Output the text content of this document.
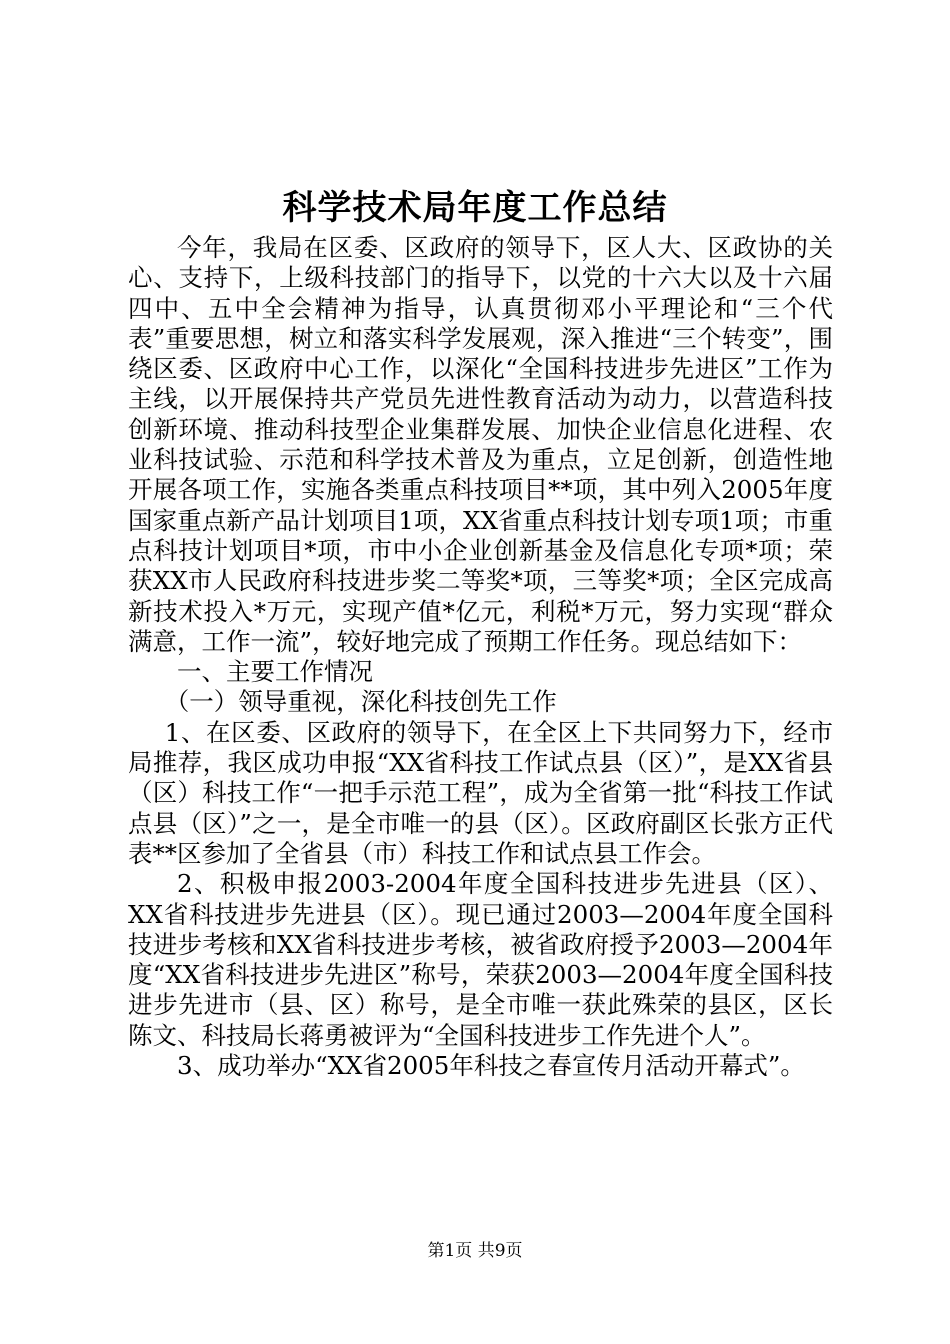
科学技术局年度工作总结

今年，我局在区委、区政府的领导下，区人大、区政协的关心、支持下，上级科技部门的指导下，以党的十六大以及十六届四中、五中全会精神为指导，认真贯彻邓小平理论和“三个代表”重要思想，树立和落实科学发展观，深入推进“三个转变”，围绕区委、区政府中心工作，以深化“全国科技进步先进区”工作为主线，以开展保持共产党员先进性教育活动为动力，以营造科技创新环境、推动科技型企业集群发展、加快企业信息化进程、农业科技试验、示范和科学技术普及为重点，立足创新，创造性地开展各项工作，实施各类重点科技项目**项，其中列入2005年度国家重点新产品计划项目1项，XX省重点科技计划专项1项；市重点科技计划项目*项，市中小企业创新基金及信息化专项*项；荣获XX市人民政府科技进步奖二等奖*项，三等奖*项；全区完成高新技术投入*万元，实现产值*亿元，利税*万元，努力实现“群众满意，工作一流”，较好地完成了预期工作任务。现总结如下：

一、主要工作情况

（一）领导重视，深化科技创先工作

1、在区委、区政府的领导下，在全区上下共同努力下，经市局推荐，我区成功申报“XX省科技工作试点县（区）”，是XX省县（区）科技工作“一把手示范工程”，成为全省第一批“科技工作试点县（区）”之一，是全市唯一的县（区）。区政府副区长张方正代表**区参加了全省县（市）科技工作和试点县工作会。

2、积极申报2003-2004年度全国科技进步先进县（区）、XX省科技进步先进县（区）。现已通过2003—2004年度全国科技进步考核和XX省科技进步考核，被省政府授予2003—2004年度“XX省科技进步先进区”称号，荣获2003—2004年度全国科技进步先进市（县、区）称号，是全市唯一获此殊荣的县区，区长陈文、科技局长蒋勇被评为“全国科技进步工作先进个人”。

3、成功举办“XX省2005年科技之春宣传月活动开幕式”。

第1页 共9页
